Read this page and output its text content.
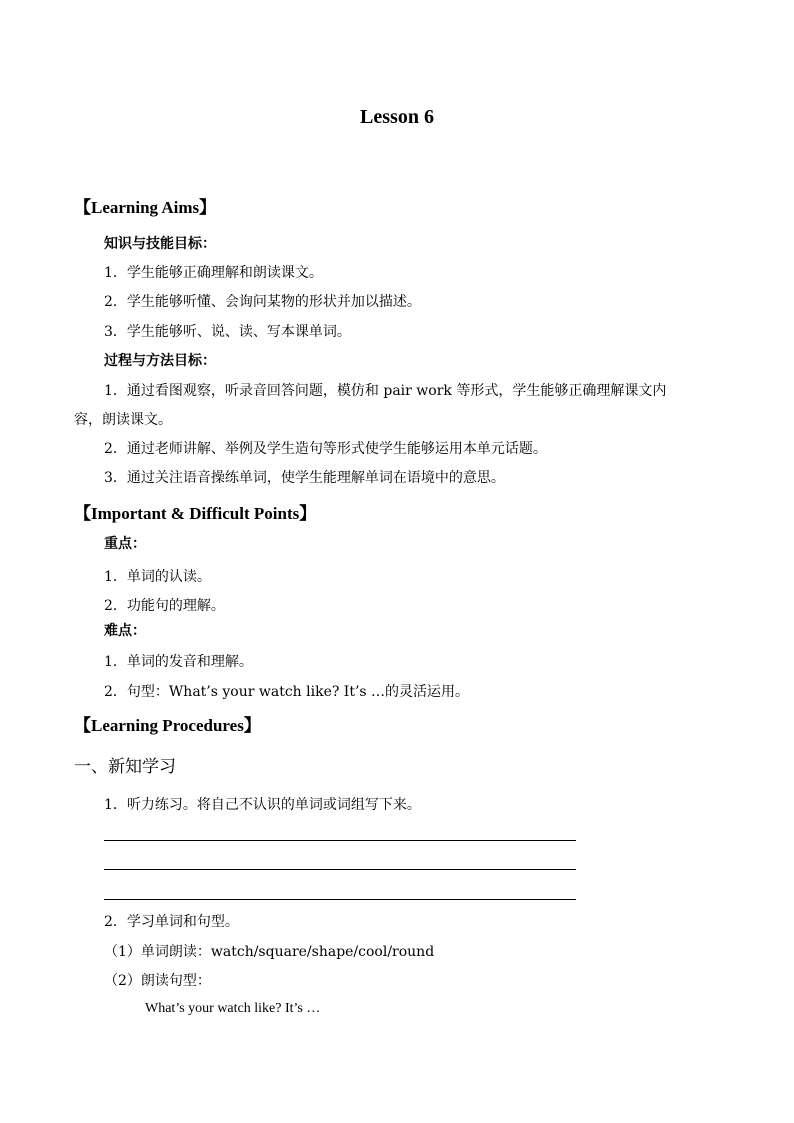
Lesson 6
【Learning Aims】
知识与技能目标：
1．学生能够正确理解和朗读课文。
2．学生能够听懂、会询问某物的形状并加以描述。
3．学生能够听、说、读、写本课单词。
过程与方法目标：
1．通过看图观察，听录音回答问题，模仿和 pair work 等形式，学生能够正确理解课文内
容，朗读课文。
2．通过老师讲解、举例及学生造句等形式使学生能够运用本单元话题。
3．通过关注语音操练单词，使学生能理解单词在语境中的意思。
【Important & Difficult Points】
重点：
1．单词的认读。
2．功能句的理解。
难点：
1．单词的发音和理解。
2．句型：What’s your watch like? It’s …的灵活运用。
【Learning Procedures】
一、新知学习
1．听力练习。将自己不认识的单词或词组写下来。
2．学习单词和句型。
（1）单词朗读：watch/square/shape/cool/round
（2）朗读句型：
What’s your watch like? It’s …
